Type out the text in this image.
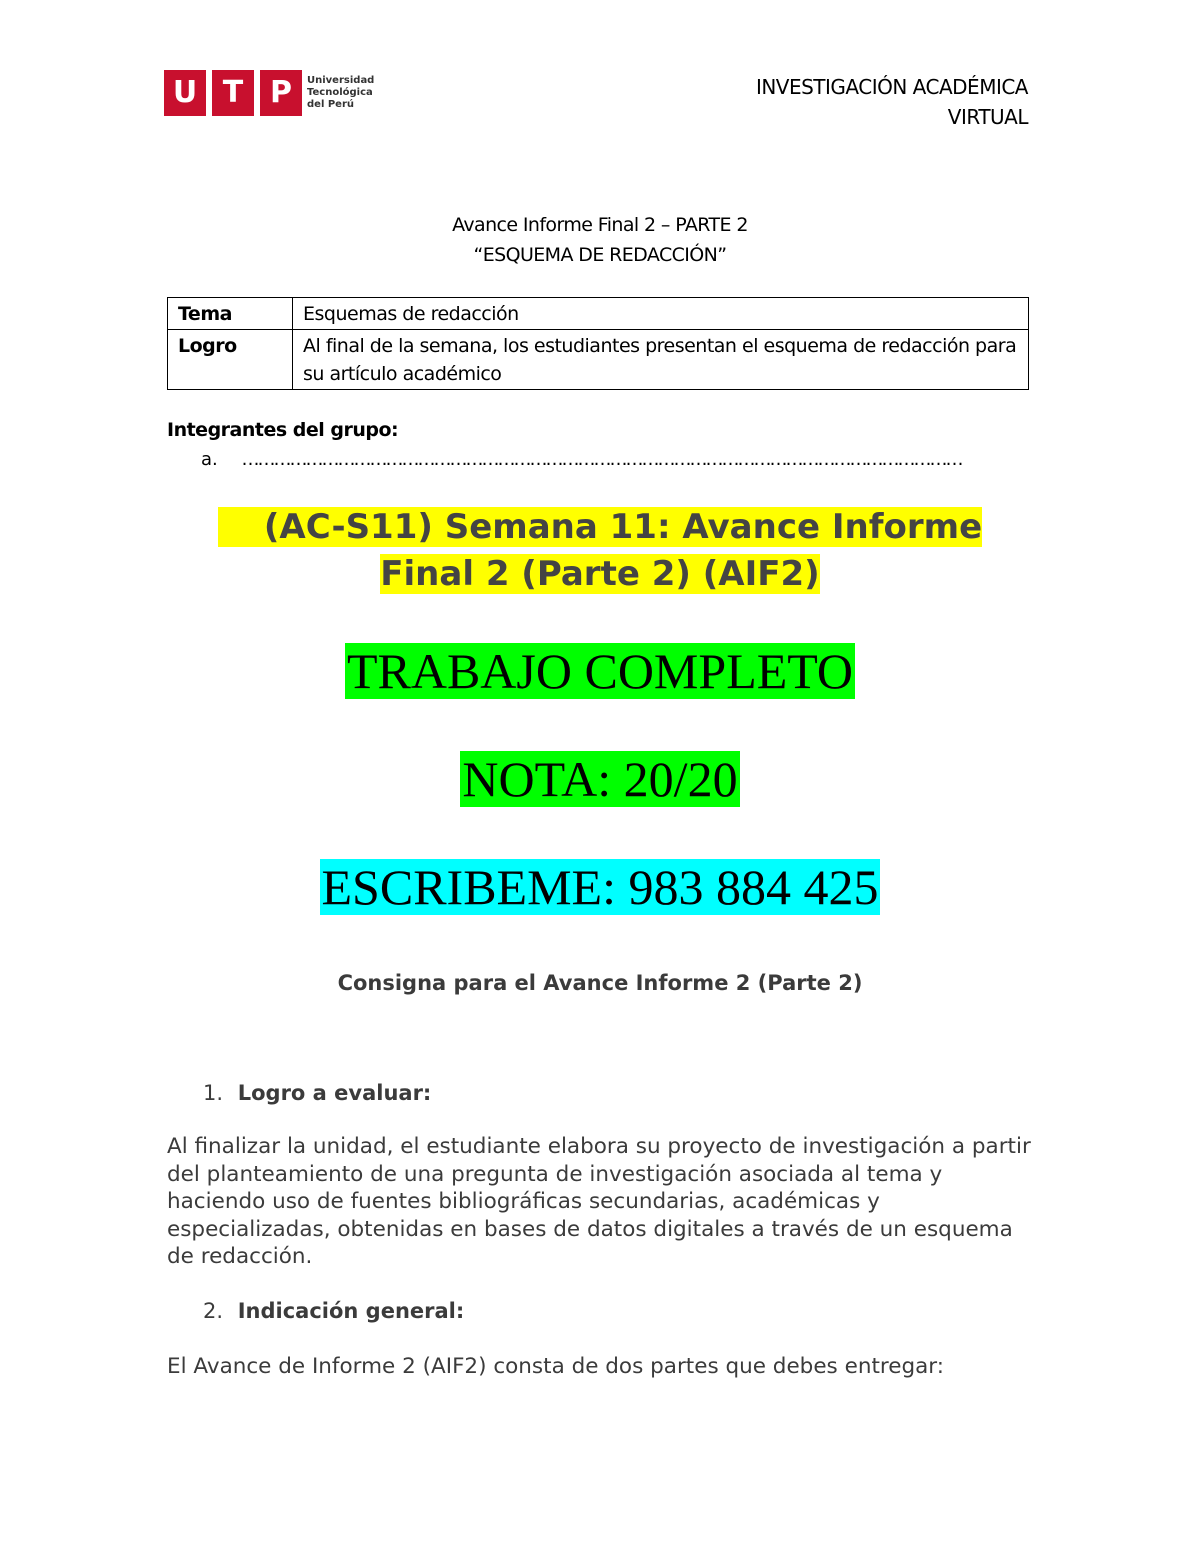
U T P	Universidad
Tecnológica
del Perú
INVESTIGACIÓN ACADÉMICA
VIRTUAL
Avance Informe Final 2 – PARTE 2
“ESQUEMA DE REDACCIÓN”
Tema	Esquemas de redacción
Logro	Al final de la semana, los estudiantes presentan el esquema de redacción para su artículo académico
Integrantes del grupo:
a. ………………………………………………………………………………………………………………………
(AC-S11) Semana 11: Avance Informe
Final 2 (Parte 2) (AIF2)
TRABAJO COMPLETO
NOTA: 20/20
ESCRIBEME: 983 884 425
Consigna para el Avance Informe 2 (Parte 2)
1. Logro a evaluar:
Al finalizar la unidad, el estudiante elabora su proyecto de investigación a partir del planteamiento de una pregunta de investigación asociada al tema y haciendo uso de fuentes bibliográficas secundarias, académicas y especializadas, obtenidas en bases de datos digitales a través de un esquema de redacción.
2. Indicación general:
El Avance de Informe 2 (AIF2) consta de dos partes que debes entregar:
